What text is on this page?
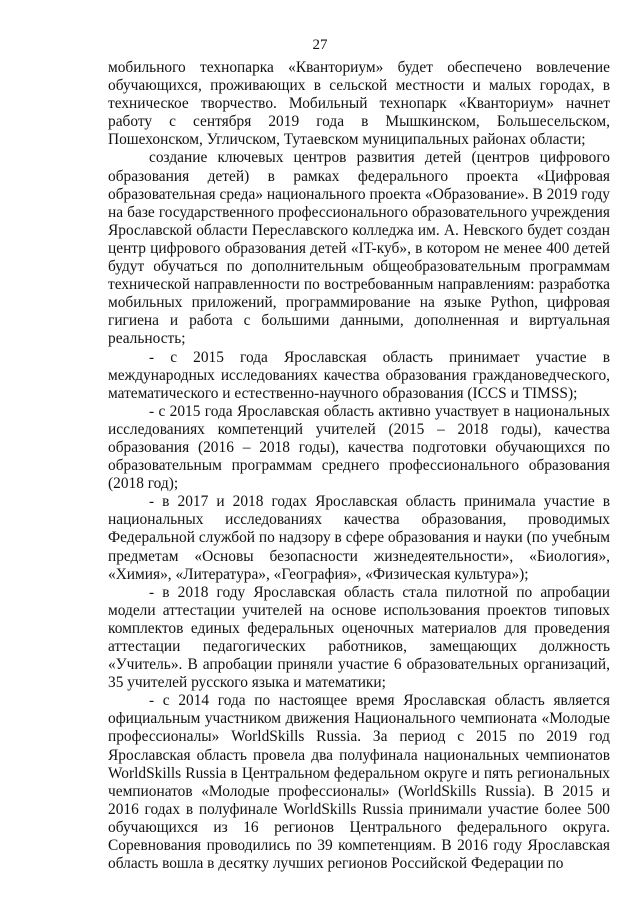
27

мобильного технопарка «Кванториум» будет обеспечено вовлечение обучающихся, проживающих в сельской местности и малых городах, в техническое творчество. Мобильный технопарк «Кванториум» начнет работу с сентября 2019 года в Мышкинском, Большесельском, Пошехонском, Угличском, Тутаевском муниципальных районах области;

создание ключевых центров развития детей (центров цифрового образования детей) в рамках федерального проекта «Цифровая образовательная среда» национального проекта «Образование». В 2019 году на базе государственного профессионального образовательного учреждения Ярославской области Переславского колледжа им. А. Невского будет создан центр цифрового образования детей «IT-куб», в котором не менее 400 детей будут обучаться по дополнительным общеобразовательным программам технической направленности по востребованным направлениям: разработка мобильных приложений, программирование на языке Python, цифровая гигиена и работа с большими данными, дополненная и виртуальная реальность;

- с 2015 года Ярославская область принимает участие в международных исследованиях качества образования граждановедческого, математического и естественно-научного образования (ICCS и TIMSS);

- с 2015 года Ярославская область активно участвует в национальных исследованиях компетенций учителей (2015 – 2018 годы), качества образования (2016 – 2018 годы), качества подготовки обучающихся по образовательным программам среднего профессионального образования (2018 год);

- в 2017 и 2018 годах Ярославская область принимала участие в национальных исследованиях качества образования, проводимых Федеральной службой по надзору в сфере образования и науки (по учебным предметам «Основы безопасности жизнедеятельности», «Биология», «Химия», «Литература», «География», «Физическая культура»);

- в 2018 году Ярославская область стала пилотной по апробации модели аттестации учителей на основе использования проектов типовых комплектов единых федеральных оценочных материалов для проведения аттестации педагогических работников, замещающих должность «Учитель». В апробации приняли участие 6 образовательных организаций, 35 учителей русского языка и математики;

- с 2014 года по настоящее время Ярославская область является официальным участником движения Национального чемпионата «Молодые профессионалы» WorldSkills Russia. За период с 2015 по 2019 год Ярославская область провела два полуфинала национальных чемпионатов WorldSkills Russia в Центральном федеральном округе и пять региональных чемпионатов «Молодые профессионалы» (WorldSkills Russia). В 2015 и 2016 годах в полуфинале WorldSkills Russia принимали участие более 500 обучающихся из 16 регионов Центрального федерального округа. Соревнования проводились по 39 компетенциям. В 2016 году Ярославская область вошла в десятку лучших регионов Российской Федерации по
